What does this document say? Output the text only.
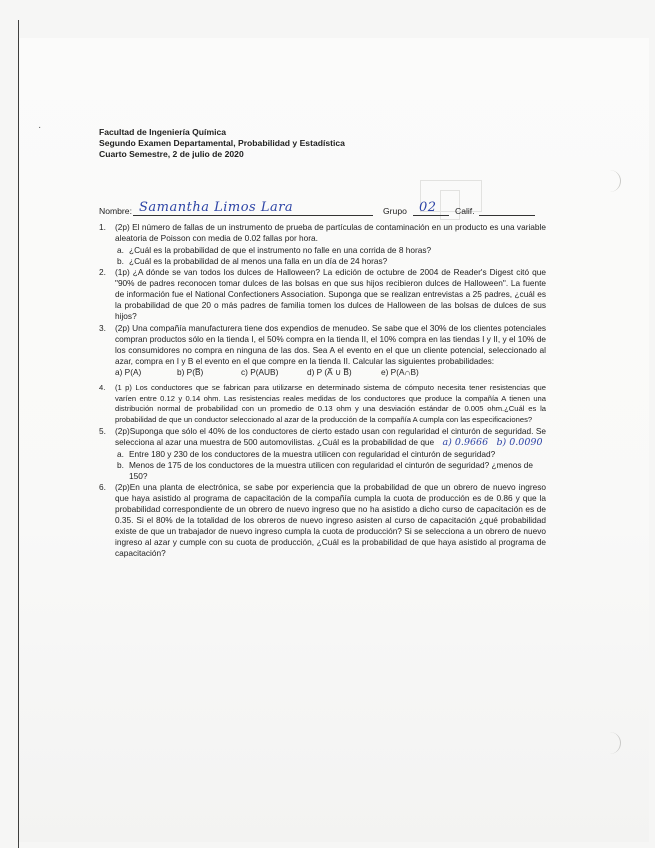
·	Facultad de Ingeniería Química
Segundo Examen Departamental, Probabilidad y Estadística
Cuarto Semestre, 2 de julio de 2020
Nombre: Samantha Limos Lara	Grupo 02 Calif.
1. (2p) El número de fallas de un instrumento de prueba de partículas de contaminación en un producto es una variable aleatoria de Poisson con media de 0.02 fallas por hora.
a. ¿Cuál es la probabilidad de que el instrumento no falle en una corrida de 8 horas?
b. ¿Cuál es la probabilidad de al menos una falla en un día de 24 horas?
2. (1p) ¿A dónde se van todos los dulces de Halloween? La edición de octubre de 2004 de Reader's Digest citó que "90% de padres reconocen tomar dulces de las bolsas en que sus hijos recibieron dulces de Halloween". La fuente de información fue el National Confectioners Association. Suponga que se realizan entrevistas a 25 padres, ¿cuál es la probabilidad de que 20 o más padres de familia tomen los dulces de Halloween de las bolsas de dulces de sus hijos?
3. (2p) Una compañía manufacturera tiene dos expendios de menudeo. Se sabe que el 30% de los clientes potenciales compran productos sólo en la tienda I, el 50% compra en la tienda II, el 10% compra en las tiendas I y II, y el 10% de los consumidores no compra en ninguna de las dos. Sea A el evento en el que un cliente potencial, seleccionado al azar, compra en I y B el evento en el que compre en la tienda II. Calcular las siguientes probabilidades:
a) P(A)	b) P(B̅)	c) P(AUB)	d) P (A̅ ∪ B̅)	e) P(A∩B)
4. (1 p) Los conductores que se fabrican para utilizarse en determinado sistema de cómputo necesita tener resistencias que varíen entre 0.12 y 0.14 ohm. Las resistencias reales medidas de los conductores que produce la compañía A tienen una distribución normal de probabilidad con un promedio de 0.13 ohm y una desviación estándar de 0.005 ohm.¿Cuál es la probabilidad de que un conductor seleccionado al azar de la producción de la compañía A cumpla con las especificaciones?
5. (2p)Suponga que sólo el 40% de los conductores de cierto estado usan con regularidad el cinturón de seguridad. Se selecciona al azar una muestra de 500 automovilistas. ¿Cuál es la probabilidad de que a) 0.9666 b) 0.0090
a. Entre 180 y 230 de los conductores de la muestra utilicen con regularidad el cinturón de seguridad?
b. Menos de 175 de los conductores de la muestra utilicen con regularidad el cinturón de seguridad? ¿menos de 150?
6. (2p)En una planta de electrónica, se sabe por experiencia que la probabilidad de que un obrero de nuevo ingreso que haya asistido al programa de capacitación de la compañía cumpla la cuota de producción es de 0.86 y que la probabilidad correspondiente de un obrero de nuevo ingreso que no ha asistido a dicho curso de capacitación es de 0.35. Si el 80% de la totalidad de los obreros de nuevo ingreso asisten al curso de capacitación ¿qué probabilidad existe de que un trabajador de nuevo ingreso cumpla la cuota de producción? Si se selecciona a un obrero de nuevo ingreso al azar y cumple con su cuota de producción, ¿Cuál es la probabilidad de que haya asistido al programa de capacitación?
